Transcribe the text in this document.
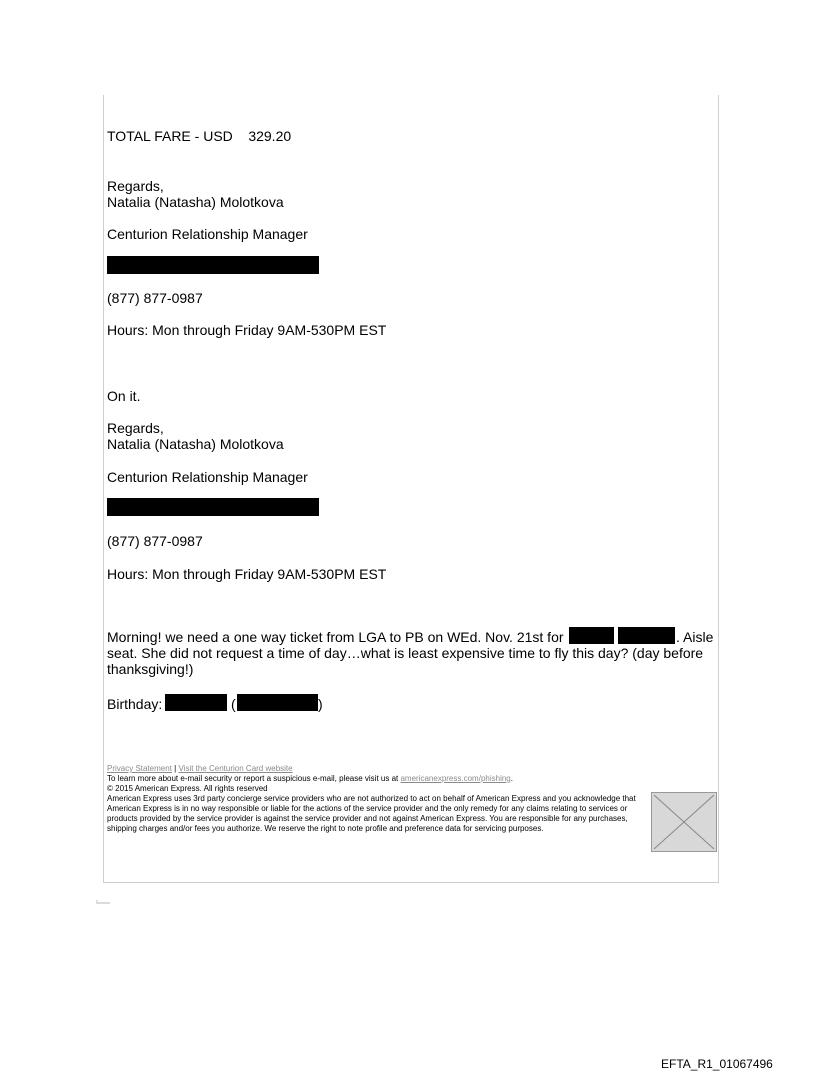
TOTAL FARE - USD 329.20
Regards,
Natalia (Natasha) Molotkova
Centurion Relationship Manager
(877) 877-0987
Hours: Mon through Friday 9AM-530PM EST
On it.
Regards,
Natalia (Natasha) Molotkova
Centurion Relationship Manager
(877) 877-0987
Hours: Mon through Friday 9AM-530PM EST
Morning! we need a one way ticket from LGA to PB on WEd. Nov. 21st for	. Aisle
seat. She did not request a time of day…what is least expensive time to fly this day? (day before
thanksgiving!)
Birthday:	(	)
Privacy Statement | Visit the Centurion Card website
To learn more about e-mail security or report a suspicious e-mail, please visit us at americanexpress.com/phishing.
© 2015 American Express. All rights reserved
American Express uses 3rd party concierge service providers who are not authorized to act on behalf of American Express and you acknowledge that American Express is in no way responsible or liable for the actions of the service provider and the only remedy for any claims relating to services or products provided by the service provider is against the service provider and not against American Express. You are responsible for any purchases, shipping charges and/or fees you authorize. We reserve the right to note profile and preference data for servicing purposes.
EFTA_R1_01067496
